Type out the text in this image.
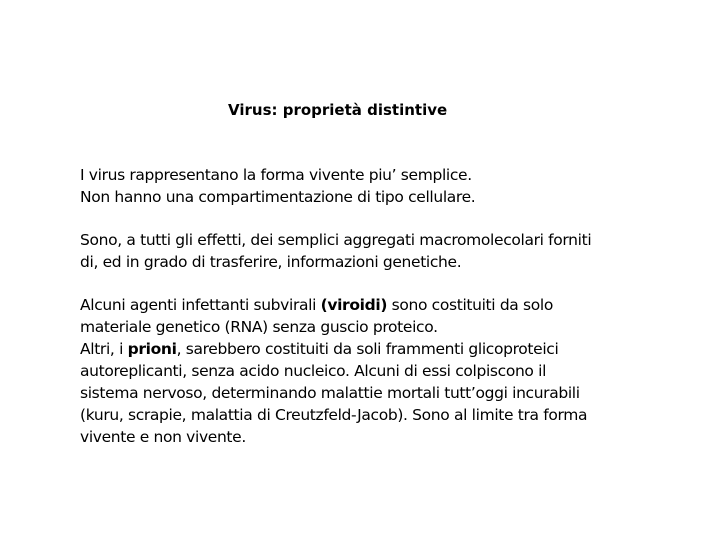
Virus: proprietà distintive
I virus rappresentano la forma vivente piu’ semplice.
Non hanno una compartimentazione di tipo cellulare.
Sono, a tutti gli effetti, dei semplici aggregati macromolecolari forniti
di, ed in grado di trasferire, informazioni genetiche.
Alcuni agenti infettanti subvirali (viroidi) sono costituiti da solo
materiale genetico (RNA) senza guscio proteico.
Altri, i prioni, sarebbero costituiti da soli frammenti glicoproteici
autoreplicanti, senza acido nucleico. Alcuni di essi colpiscono il
sistema nervoso, determinando malattie mortali tutt’oggi incurabili
(kuru, scrapie, malattia di Creutzfeld-Jacob). Sono al limite tra forma
vivente e non vivente.
